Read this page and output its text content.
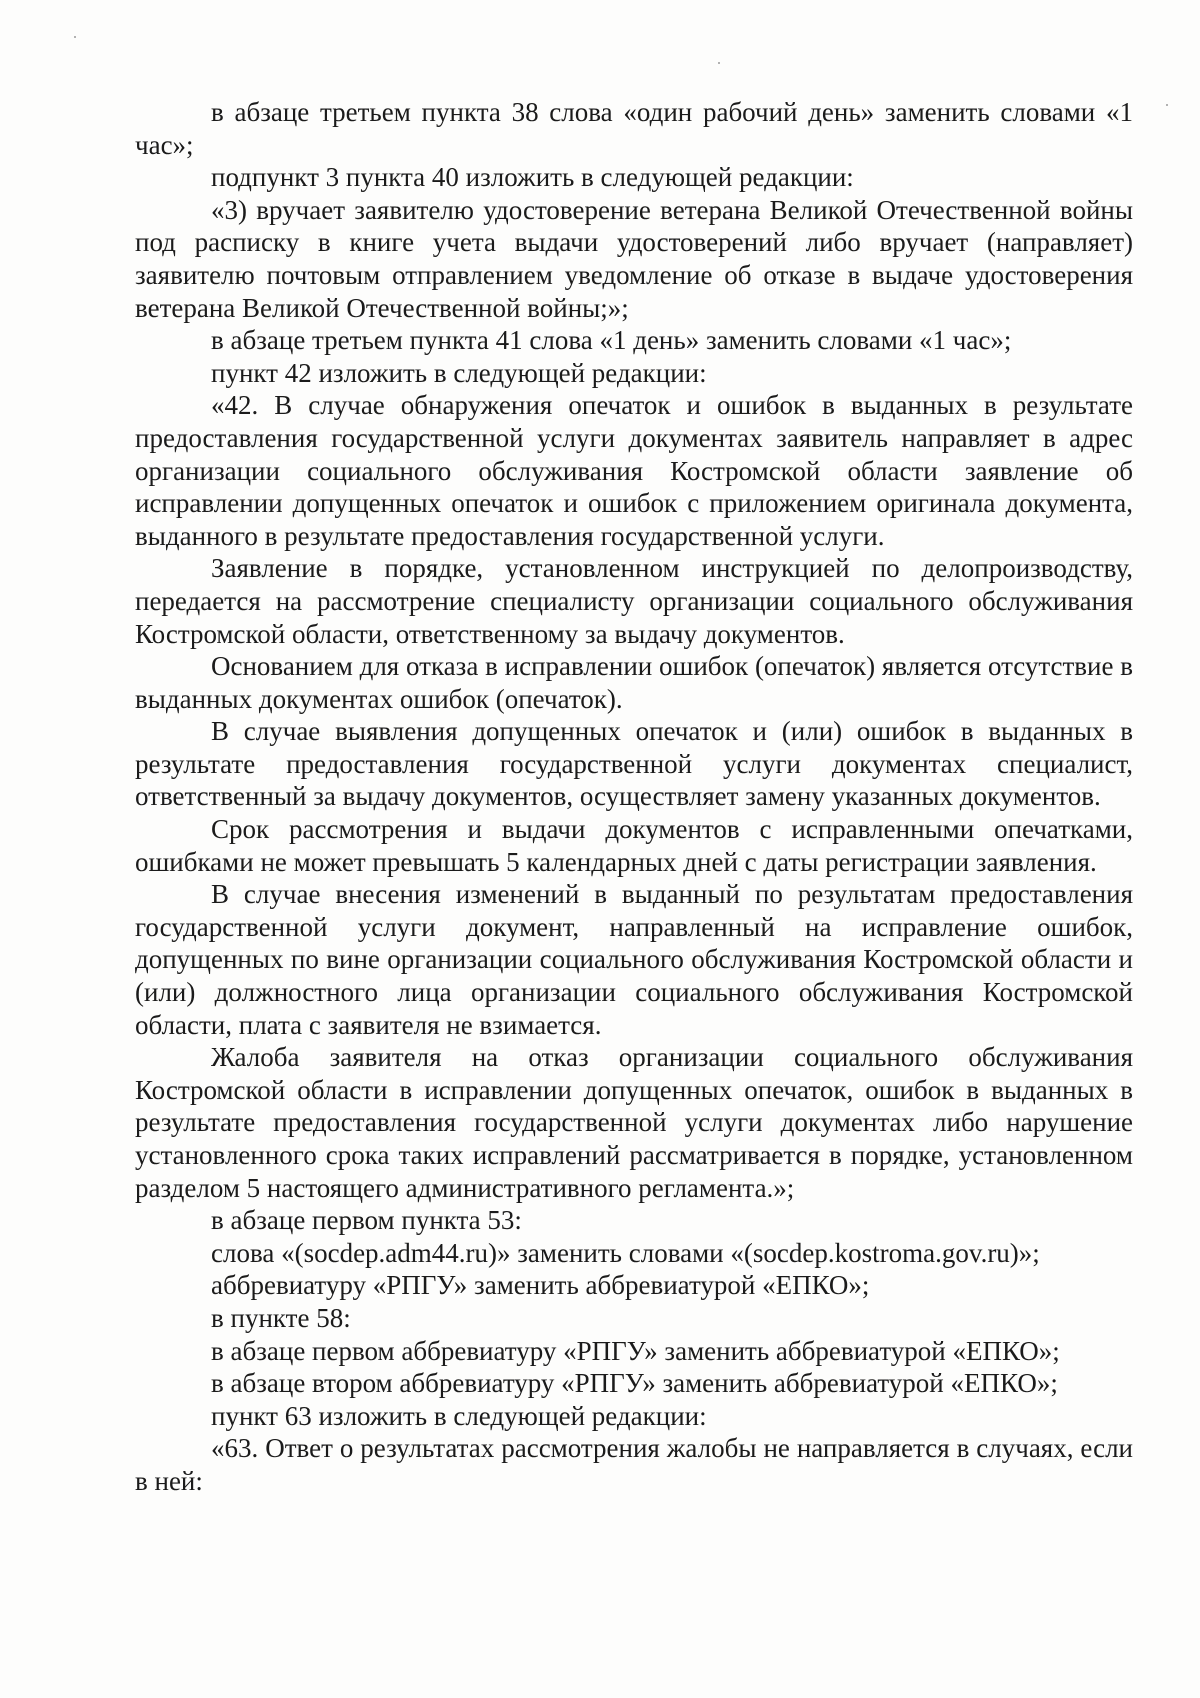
в абзаце третьем пункта 38 слова «один рабочий день» заменить словами «1 час»;

подпункт 3 пункта 40 изложить в следующей редакции:

«3) вручает заявителю удостоверение ветерана Великой Отечественной войны под расписку в книге учета выдачи удостоверений либо вручает (направляет) заявителю почтовым отправлением уведомление об отказе в выдаче удостоверения ветерана Великой Отечественной войны;»;

в абзаце третьем пункта 41 слова «1 день» заменить словами «1 час»;

пункт 42 изложить в следующей редакции:

«42. В случае обнаружения опечаток и ошибок в выданных в результате предоставления государственной услуги документах заявитель направляет в адрес организации социального обслуживания Костромской области заявление об исправлении допущенных опечаток и ошибок с приложением оригинала документа, выданного в результате предоставления государственной услуги.

Заявление в порядке, установленном инструкцией по делопроизводству, передается на рассмотрение специалисту организации социального обслуживания Костромской области, ответственному за выдачу документов.

Основанием для отказа в исправлении ошибок (опечаток) является отсутствие в выданных документах ошибок (опечаток).

В случае выявления допущенных опечаток и (или) ошибок в выданных в результате предоставления государственной услуги документах специалист, ответственный за выдачу документов, осуществляет замену указанных документов.

Срок рассмотрения и выдачи документов с исправленными опечатками, ошибками не может превышать 5 календарных дней с даты регистрации заявления.

В случае внесения изменений в выданный по результатам предоставления государственной услуги документ, направленный на исправление ошибок, допущенных по вине организации социального обслуживания Костромской области и (или) должностного лица организации социального обслуживания Костромской области, плата с заявителя не взимается.

Жалоба заявителя на отказ организации социального обслуживания Костромской области в исправлении допущенных опечаток, ошибок в выданных в результате предоставления государственной услуги документах либо нарушение установленного срока таких исправлений рассматривается в порядке, установленном разделом 5 настоящего административного регламента.»;

в абзаце первом пункта 53:

слова «(socdep.adm44.ru)» заменить словами «(socdep.kostroma.gov.ru)»;

аббревиатуру «РПГУ» заменить аббревиатурой «ЕПКО»;

в пункте 58:

в абзаце первом аббревиатуру «РПГУ» заменить аббревиатурой «ЕПКО»;

в абзаце втором аббревиатуру «РПГУ» заменить аббревиатурой «ЕПКО»;

пункт 63 изложить в следующей редакции:

«63. Ответ о результатах рассмотрения жалобы не направляется в случаях, если в ней:
